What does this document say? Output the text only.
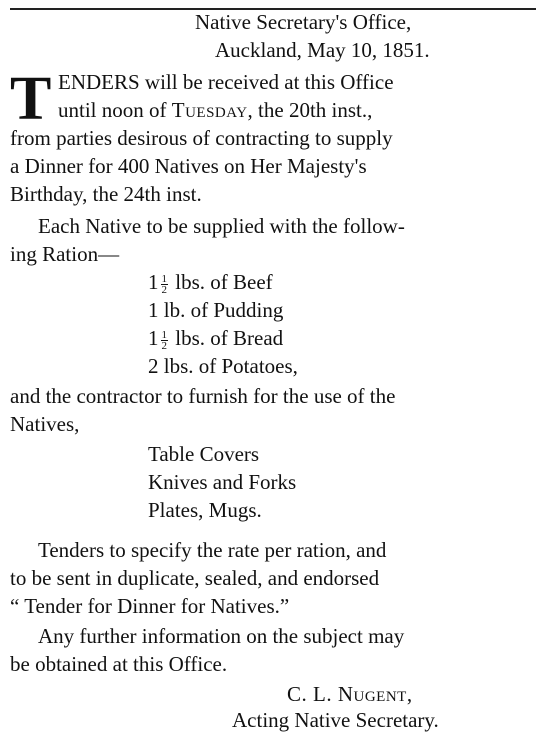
Native Secretary's Office,
Auckland, May 10, 1851.
T ENDERS will be received at this Office
until noon of Tuesday, the 20th inst.,
from parties desirous of contracting to supply
a Dinner for 400 Natives on Her Majesty's
Birthday, the 24th inst.
Each Native to be supplied with the follow-
ing Ration—
$1 \frac{1}{2}$ lbs. of Beef
1 lb. of Pudding
$1 \frac{1}{2}$ lbs. of Bread
2 lbs. of Potatoes,
and the contractor to furnish for the use of the
Natives,
Table Covers
Knives and Forks
Plates, Mugs.
Tenders to specify the rate per ration, and
to be sent in duplicate, sealed, and endorsed
“ Tender for Dinner for Natives.”
Any further information on the subject may
be obtained at this Office.
C. L. Nugent,
Acting Native Secretary.
